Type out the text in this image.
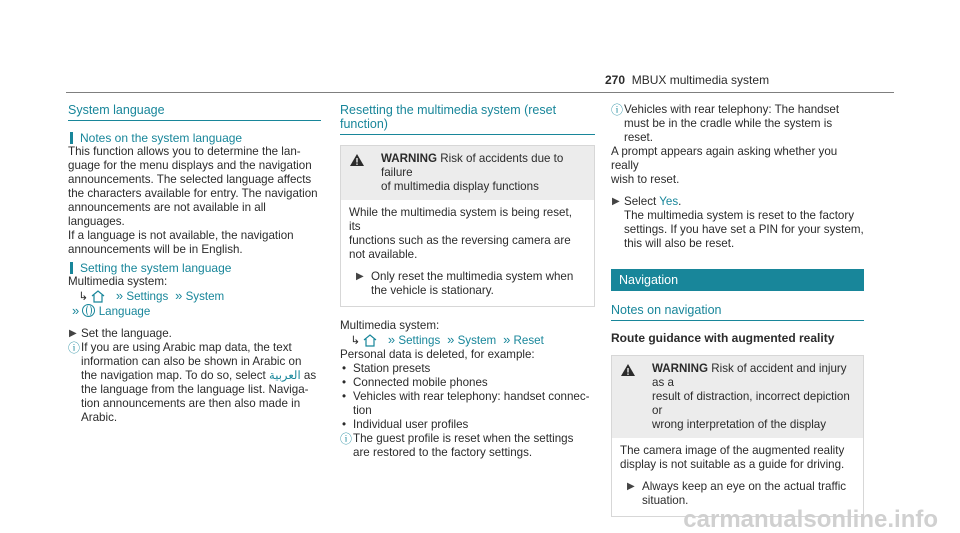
270 MBUX multimedia system
System language
Notes on the system language

This function allows you to determine the lan-
guage for the menu displays and the navigation
announcements. The selected language affects
the characters available for entry. The navigation
announcements are not available in all languages.
If a language is not available, the navigation
announcements will be in English.

Setting the system language

Multimedia system:

↳    » Settings  » System
» Language
▶ Set the language.
ⓘ If you are using Arabic map data, the text
information can also be shown in Arabic on
the navigation map. To do so, select العربية as
the language from the language list. Naviga-
tion announcements are then also made in
Arabic.
Resetting the multimedia system (reset function)
WARNING Risk of accidents due to failure
of multimedia display functions
While the multimedia system is being reset, its
functions such as the reversing camera are
not available.
▶ Only reset the multimedia system when
the vehicle is stationary.

Multimedia system:

↳    » Settings  » System  » Reset

Personal data is deleted, for example:

• Station presets
• Connected mobile phones
• Vehicles with rear telephony: handset connec-
tion
• Individual user profiles
ⓘ The guest profile is reset when the settings
are restored to the factory settings.
ⓘ Vehicles with rear telephony: The handset
must be in the cradle while the system is
reset.

A prompt appears again asking whether you really
wish to reset.

▶ Select Yes.
The multimedia system is reset to the factory
settings. If you have set a PIN for your system,
this will also be reset.
Navigation
Notes on navigation
Route guidance with augmented reality
WARNING Risk of accident and injury as a
result of distraction, incorrect depiction or
wrong interpretation of the display
The camera image of the augmented reality
display is not suitable as a guide for driving.
▶ Always keep an eye on the actual traffic
situation.
carmanualsonline.info
